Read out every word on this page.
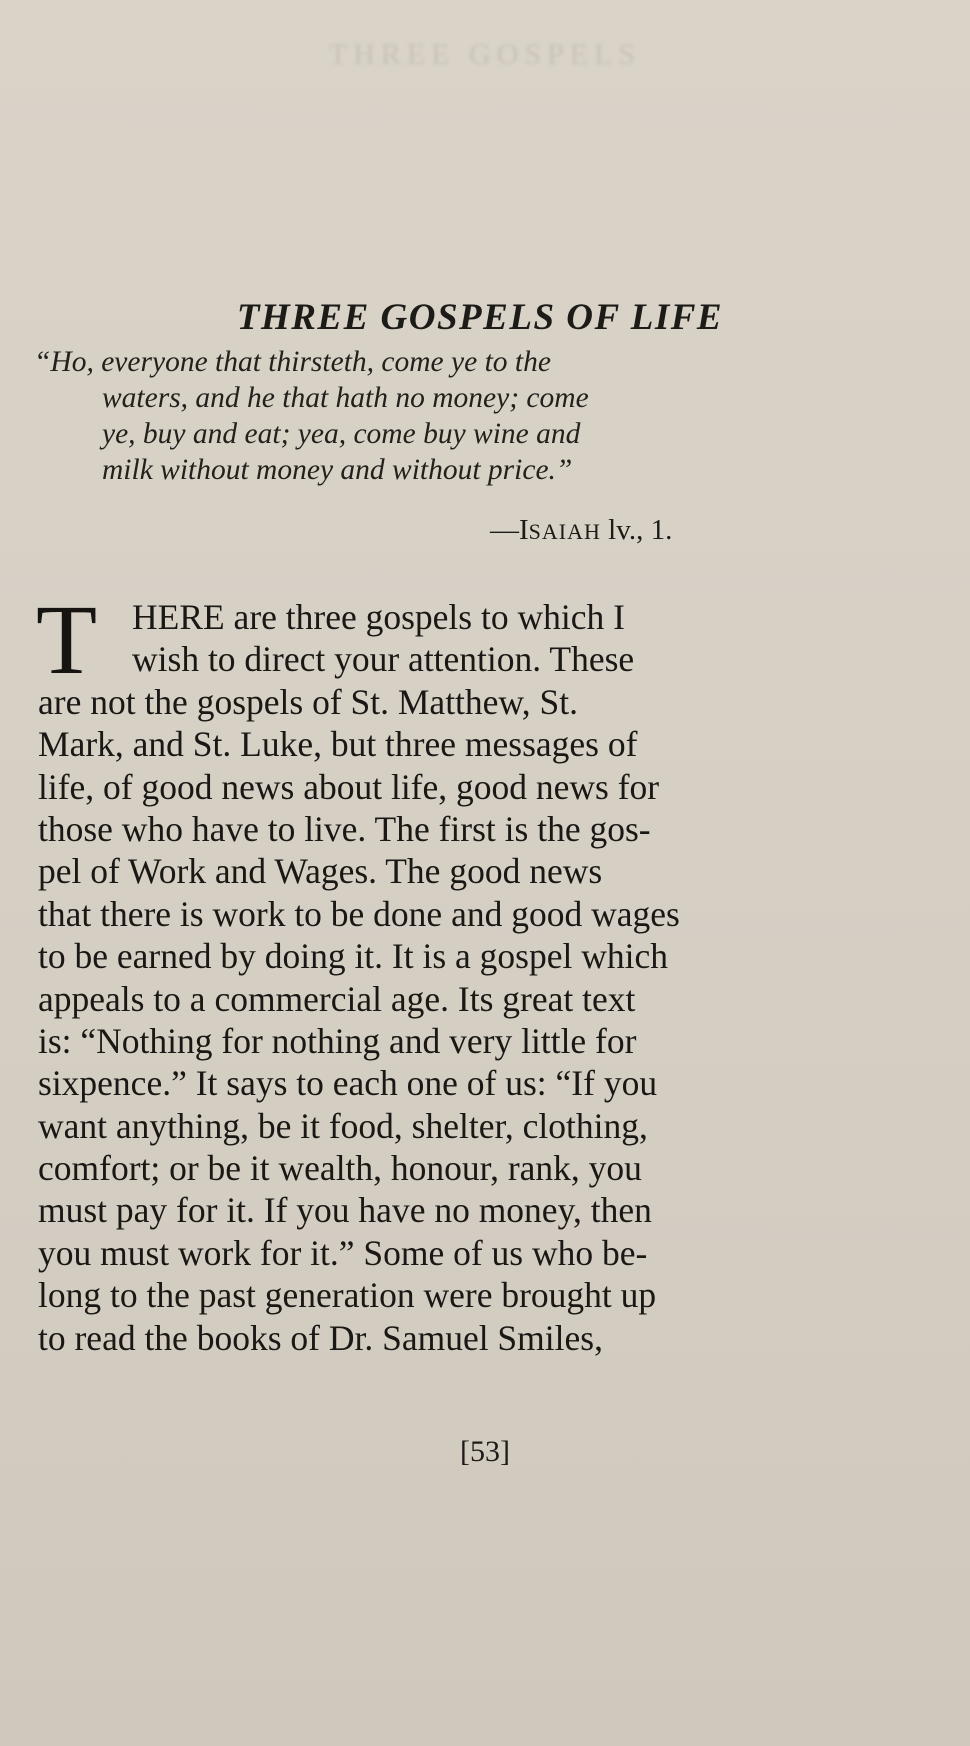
THREE GOSPELS
THREE GOSPELS OF LIFE
“Ho, everyone that thirsteth, come ye to the
waters, and he that hath no money; come
ye, buy and eat; yea, come buy wine and
milk without money and without price.”
—ISAIAH lv., 1.
T HERE are three gospels to which I
wish to direct your attention. These
are not the gospels of St. Matthew, St.
Mark, and St. Luke, but three messages of
life, of good news about life, good news for
those who have to live. The first is the gos-
pel of Work and Wages. The good news
that there is work to be done and good wages
to be earned by doing it. It is a gospel which
appeals to a commercial age. Its great text
is: “Nothing for nothing and very little for
sixpence.” It says to each one of us: “If you
want anything, be it food, shelter, clothing,
comfort; or be it wealth, honour, rank, you
must pay for it. If you have no money, then
you must work for it.” Some of us who be-
long to the past generation were brought up
to read the books of Dr. Samuel Smiles,
[53]
